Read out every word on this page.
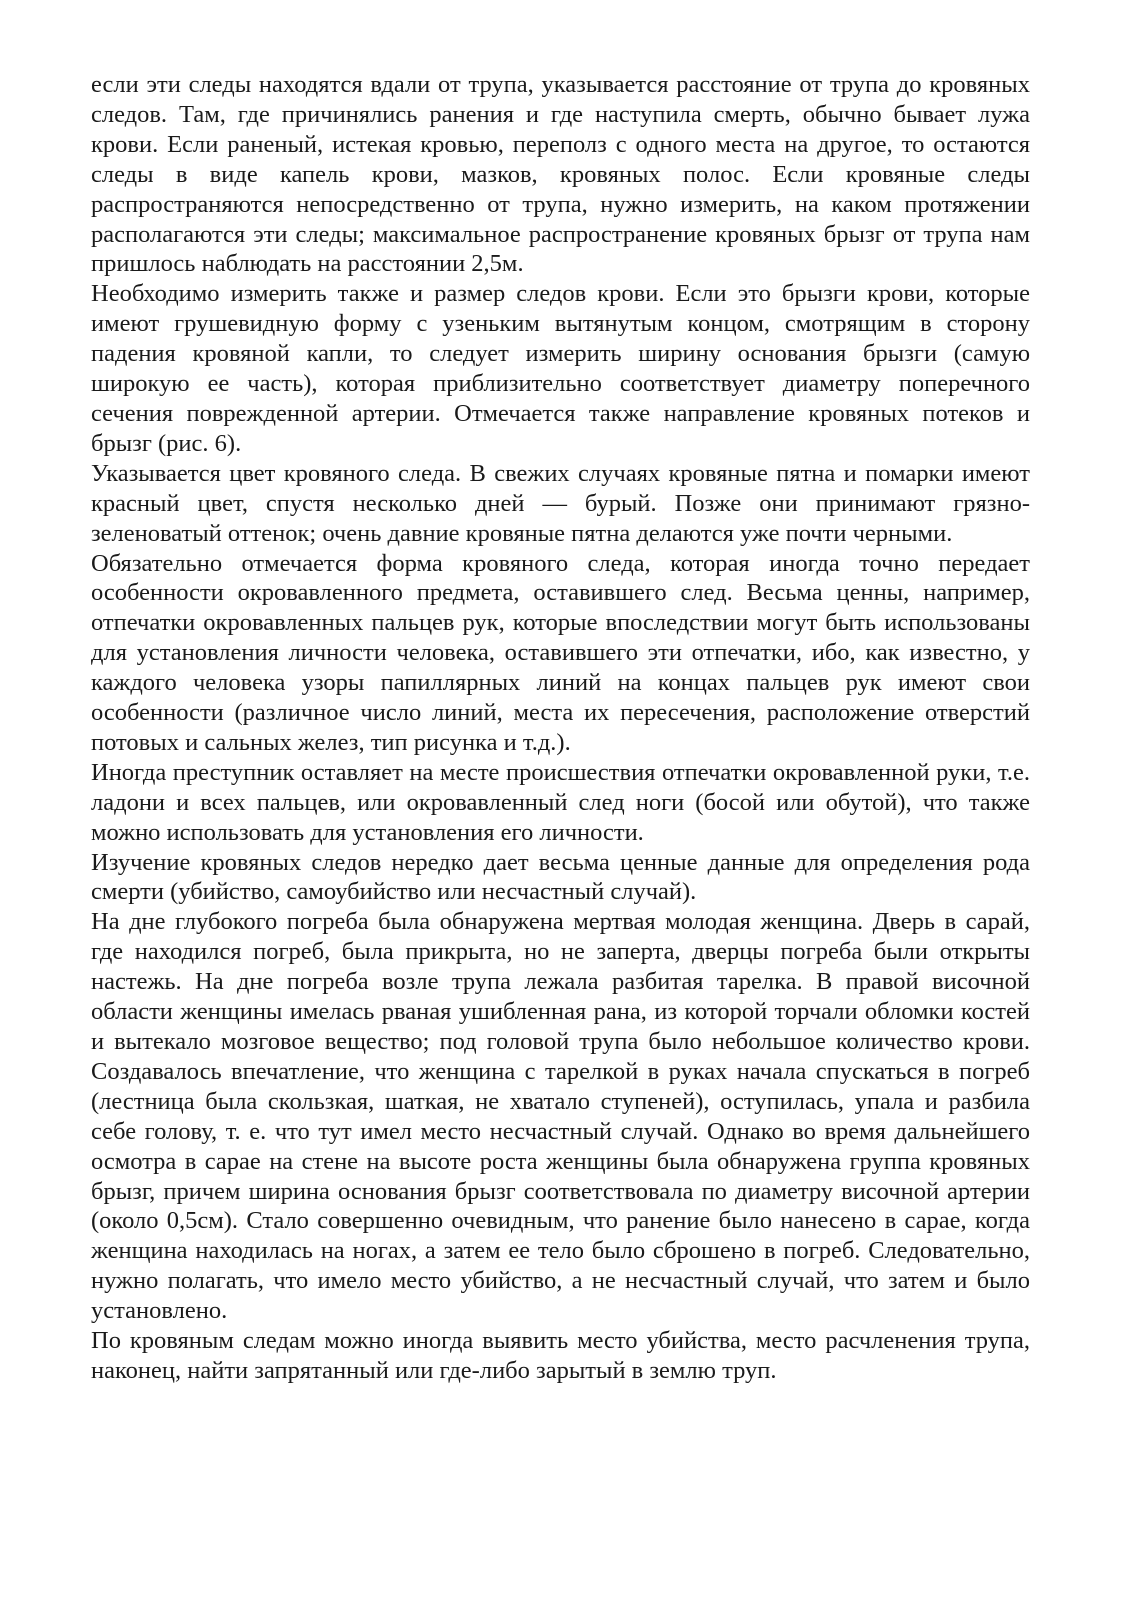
если эти следы находятся вдали от трупа, указывается расстояние от трупа до кровяных следов. Там, где причинялись ранения и где наступила смерть, обычно бывает лужа крови. Если раненый, истекая кровью, переполз с одного места на другое, то остаются следы в виде капель крови, мазков, кровяных полос. Если кровяные следы распространяются непосредственно от трупа, нужно измерить, на каком протяжении располагаются эти следы; максимальное распространение кровяных брызг от трупа нам пришлось наблюдать на расстоянии 2,5м.

Необходимо измерить также и размер следов крови. Если это брызги крови, которые имеют грушевидную форму с узеньким вытянутым концом, смотрящим в сторону падения кровяной капли, то следует измерить ширину основания брызги (самую широкую ее часть), которая приблизительно соответствует диаметру поперечного сечения поврежденной артерии. Отмечается также направление кровяных потеков и брызг (рис. 6).

Указывается цвет кровяного следа. В свежих случаях кровяные пятна и помарки имеют красный цвет, спустя несколько дней — бурый. Позже они принимают грязно-зеленоватый оттенок; очень давние кровяные пятна делаются уже почти черными.

Обязательно отмечается форма кровяного следа, которая иногда точно передает особенности окровавленного предмета, оставившего след. Весьма ценны, например, отпечатки окровавленных пальцев рук, которые впоследствии могут быть использованы для установления личности человека, оставившего эти отпечатки, ибо, как известно, у каждого человека узоры папиллярных линий на концах пальцев рук имеют свои особенности (различное число линий, места их пересечения, расположение отверстий потовых и сальных желез, тип рисунка и т.д.).

Иногда преступник оставляет на месте происшествия отпечатки окровавленной руки, т.е. ладони и всех пальцев, или окровавленный след ноги (босой или обутой), что также можно использовать для установления его личности.

Изучение кровяных следов нередко дает весьма ценные данные для определения рода смерти (убийство, самоубийство или несчастный случай).

На дне глубокого погреба была обнаружена мертвая молодая женщина. Дверь в сарай, где находился погреб, была прикрыта, но не заперта, дверцы погреба были открыты настежь. На дне погреба возле трупа лежала разбитая тарелка. В правой височной области женщины имелась рваная ушибленная рана, из которой торчали обломки костей и вытекало мозговое вещество; под головой трупа было небольшое количество крови. Создавалось впечатление, что женщина с тарелкой в руках начала спускаться в погреб (лестница была скользкая, шаткая, не хватало ступеней), оступилась, упала и разбила себе голову, т. е. что тут имел место несчастный случай. Однако во время дальнейшего осмотра в сарае на стене на высоте роста женщины была обнаружена группа кровяных брызг, причем ширина основания брызг соответствовала по диаметру височной артерии (около 0,5см). Стало совершенно очевидным, что ранение было нанесено в сарае, когда женщина находилась на ногах, а затем ее тело было сброшено в погреб. Следовательно, нужно полагать, что имело место убийство, а не несчастный случай, что затем и было установлено.

По кровяным следам можно иногда выявить место убийства, место расчленения трупа, наконец, найти запрятанный или где-либо зарытый в землю труп.
